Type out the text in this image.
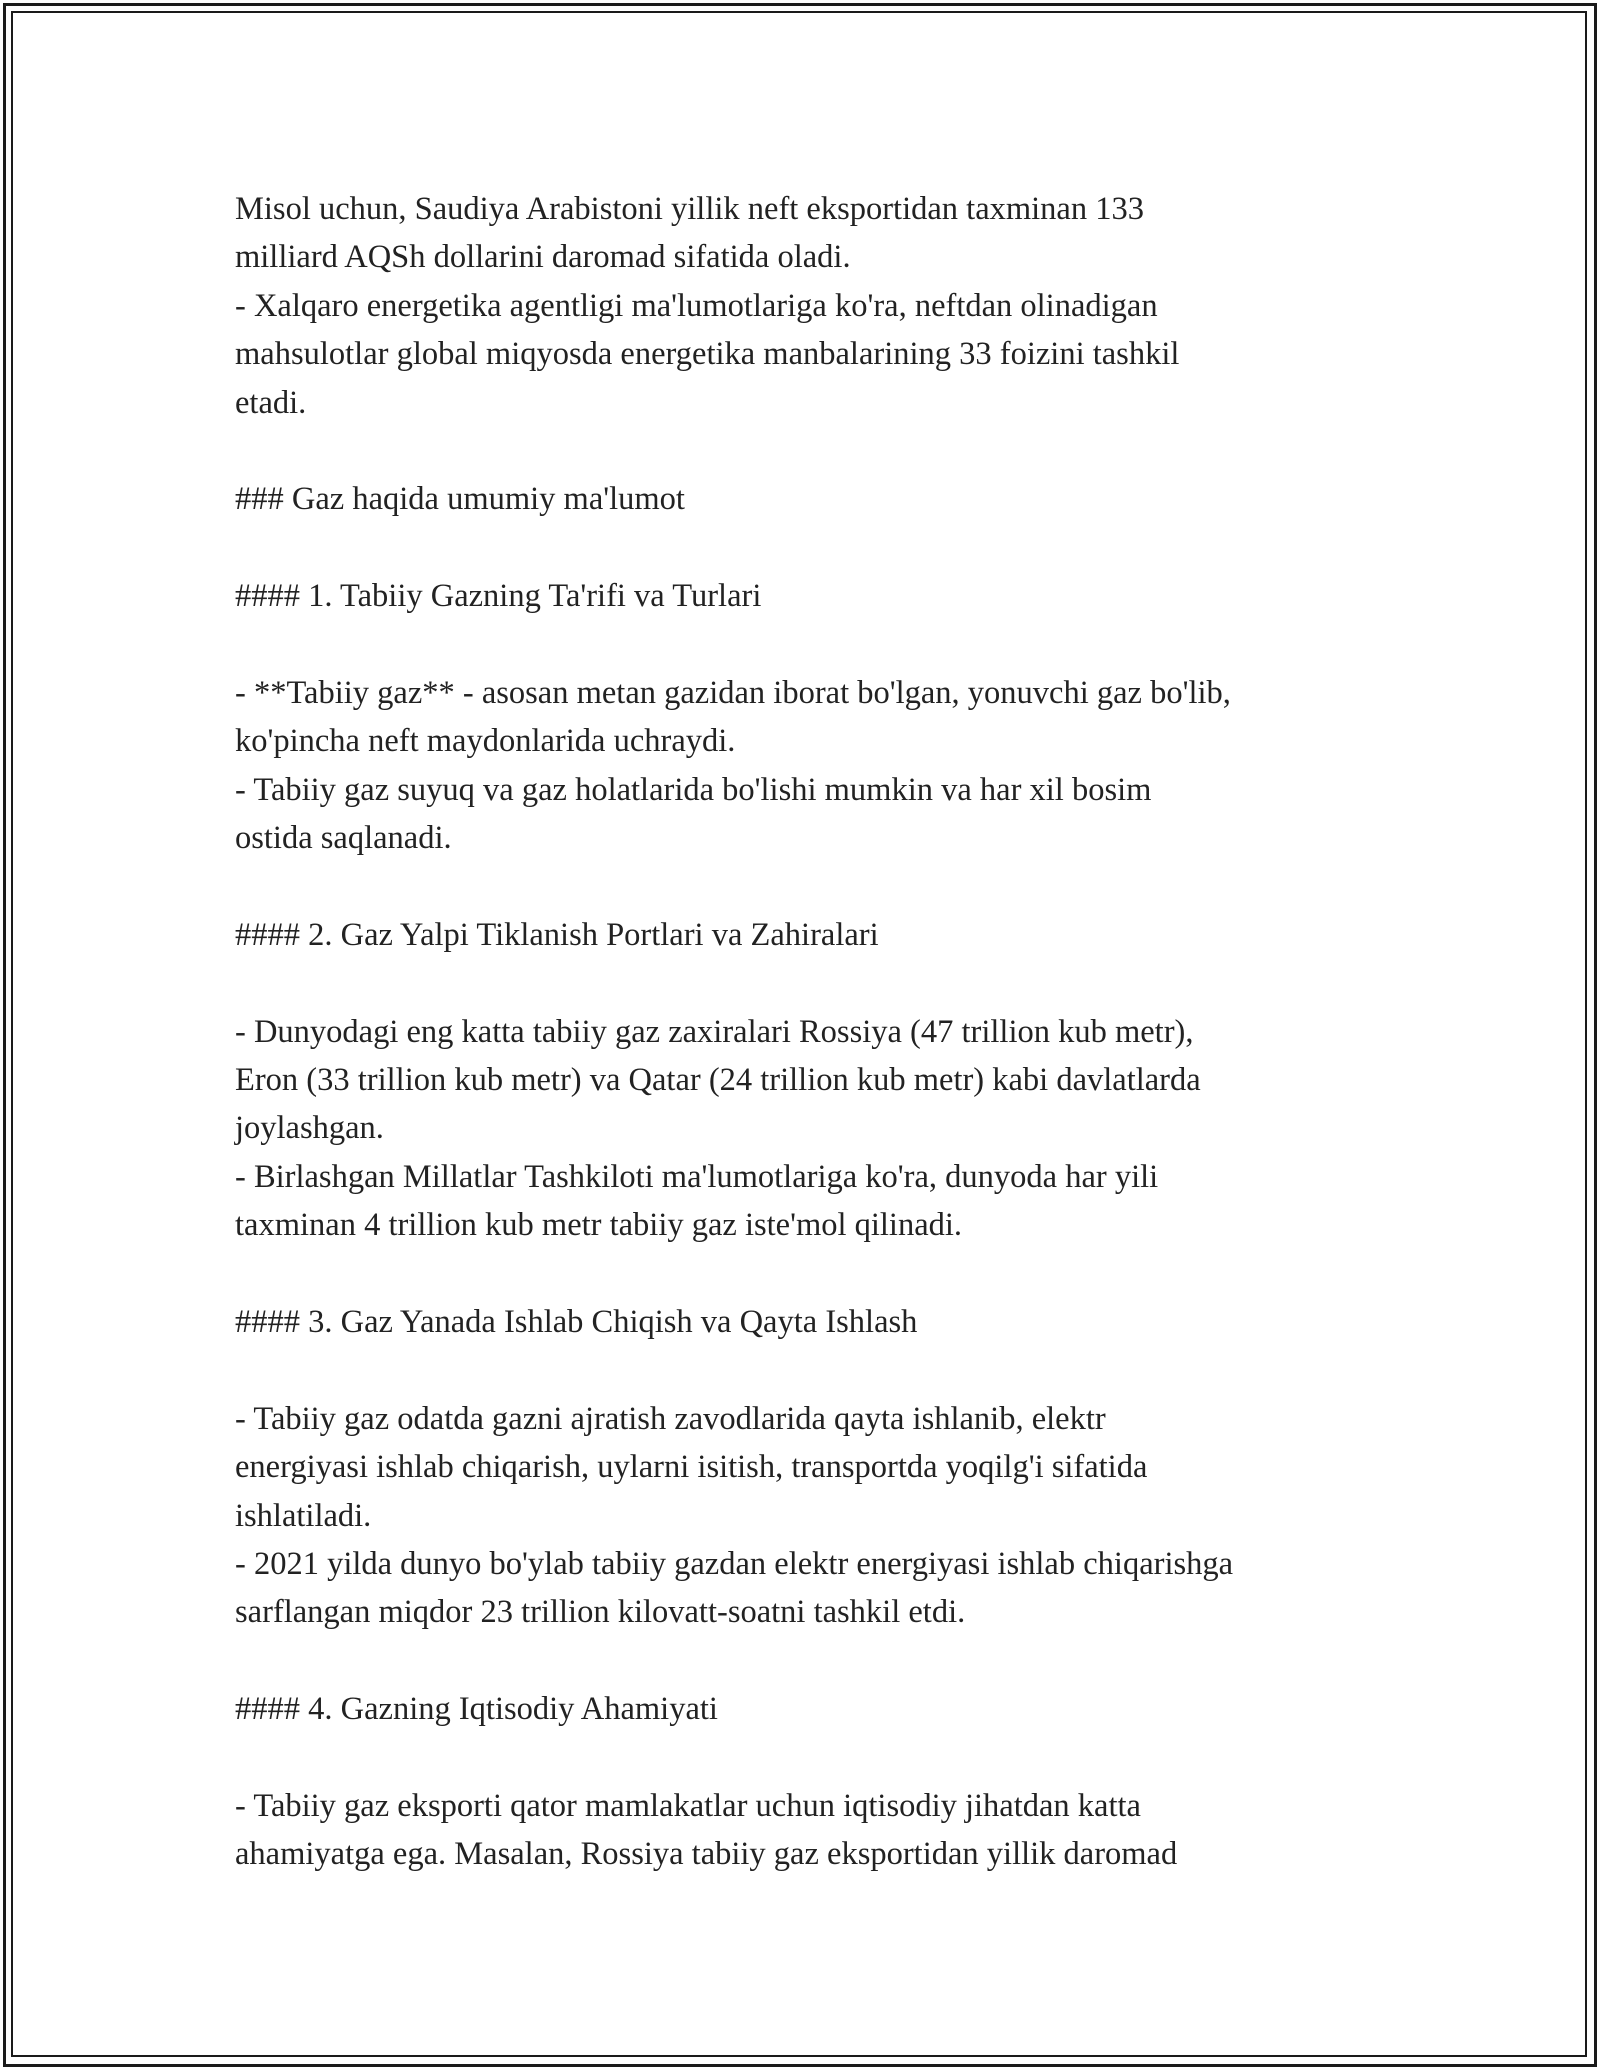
Misol uchun, Saudiya Arabistoni yillik neft eksportidan taxminan 133
milliard AQSh dollarini daromad sifatida oladi.
- Xalqaro energetika agentligi ma'lumotlariga ko'ra, neftdan olinadigan
mahsulotlar global miqyosda energetika manbalarining 33 foizini tashkil
etadi.
### Gaz haqida umumiy ma'lumot
#### 1. Tabiiy Gazning Ta'rifi va Turlari
- **Tabiiy gaz** - asosan metan gazidan iborat bo'lgan, yonuvchi gaz bo'lib,
ko'pincha neft maydonlarida uchraydi.
- Tabiiy gaz suyuq va gaz holatlarida bo'lishi mumkin va har xil bosim
ostida saqlanadi.
#### 2. Gaz Yalpi Tiklanish Portlari va Zahiralari
- Dunyodagi eng katta tabiiy gaz zaxiralari Rossiya (47 trillion kub metr),
Eron (33 trillion kub metr) va Qatar (24 trillion kub metr) kabi davlatlarda
joylashgan.
- Birlashgan Millatlar Tashkiloti ma'lumotlariga ko'ra, dunyoda har yili
taxminan 4 trillion kub metr tabiiy gaz iste'mol qilinadi.
#### 3. Gaz Yanada Ishlab Chiqish va Qayta Ishlash
- Tabiiy gaz odatda gazni ajratish zavodlarida qayta ishlanib, elektr
energiyasi ishlab chiqarish, uylarni isitish, transportda yoqilg'i sifatida
ishlatiladi.
- 2021 yilda dunyo bo'ylab tabiiy gazdan elektr energiyasi ishlab chiqarishga
sarflangan miqdor 23 trillion kilovatt-soatni tashkil etdi.
#### 4. Gazning Iqtisodiy Ahamiyati
- Tabiiy gaz eksporti qator mamlakatlar uchun iqtisodiy jihatdan katta
ahamiyatga ega. Masalan, Rossiya tabiiy gaz eksportidan yillik daromad
